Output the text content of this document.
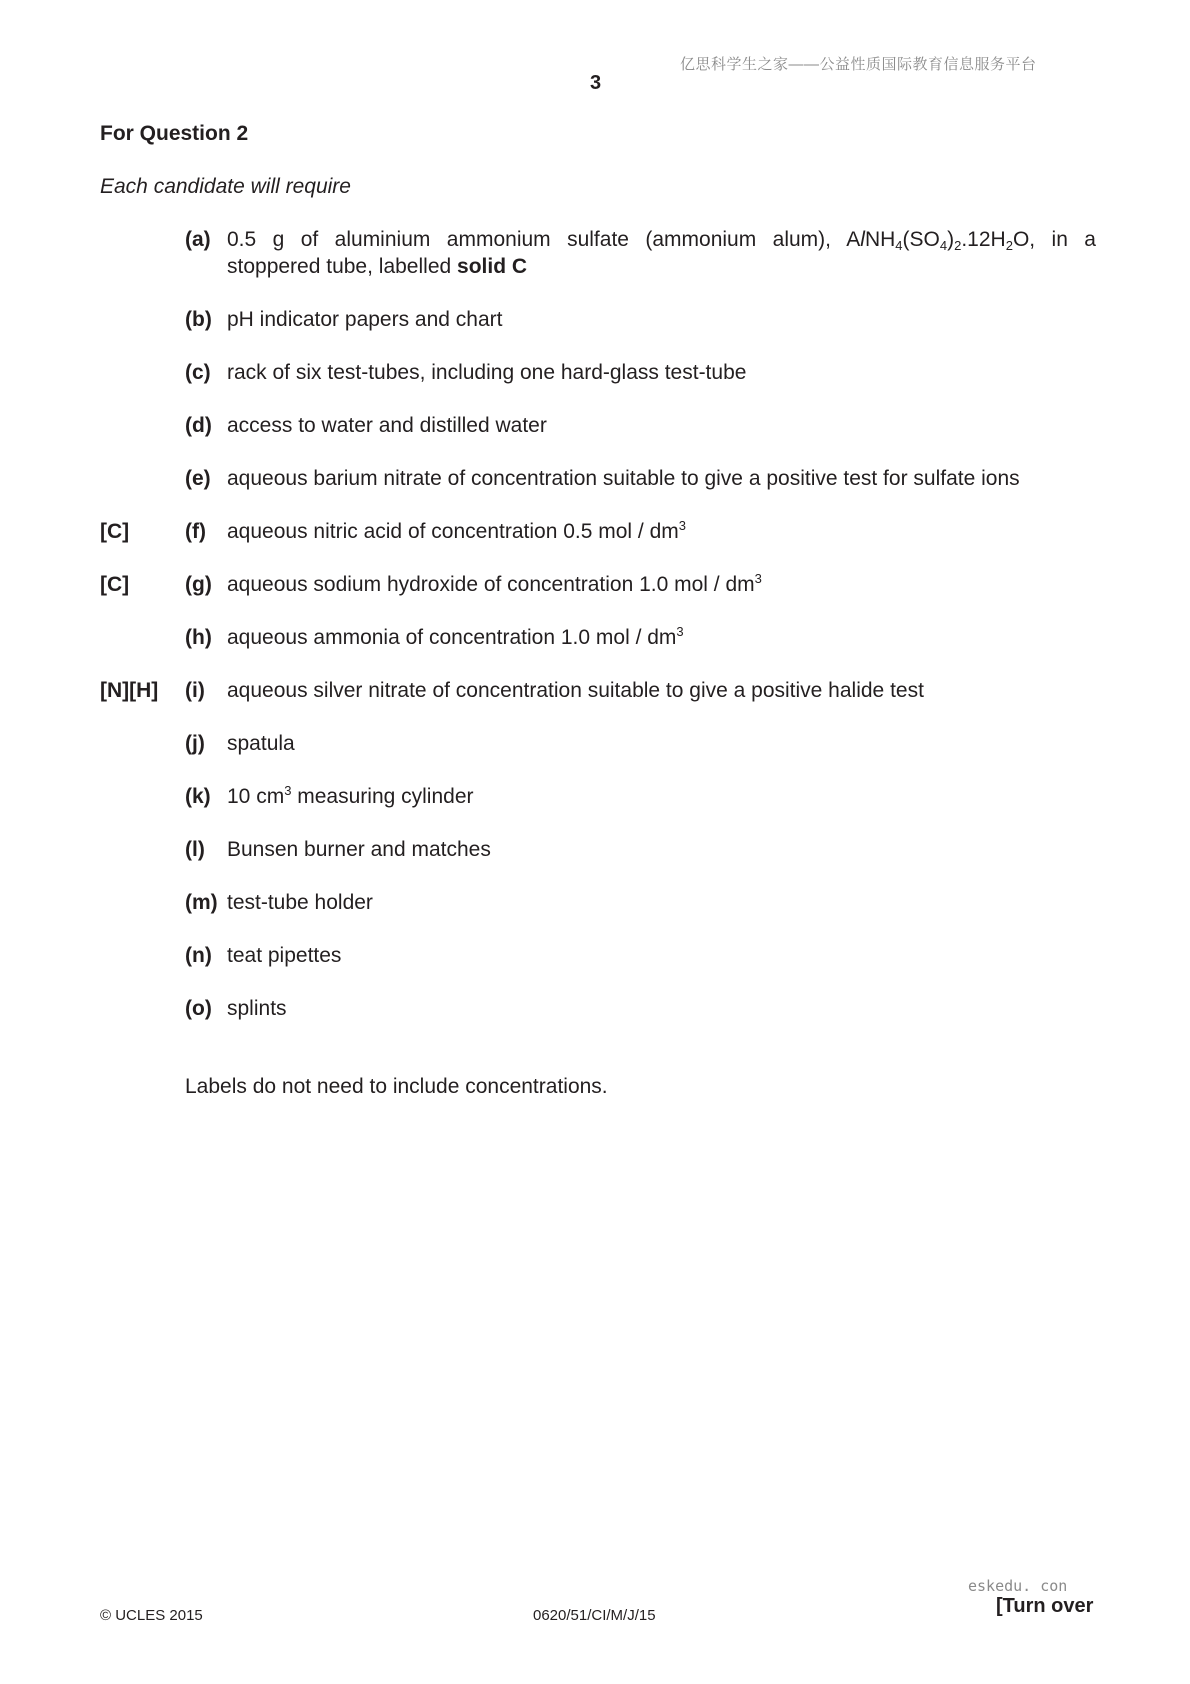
亿思科学生之家——公益性质国际教育信息服务平台
3
For Question 2
Each candidate will require
(a) 0.5 g of aluminium ammonium sulfate (ammonium alum), $AlNH_4(SO_4)_2.12H_2O$, in a
stoppered tube, labelled solid C
(b) pH indicator papers and chart
(c) rack of six test-tubes, including one hard-glass test-tube
(d) access to water and distilled water
(e) aqueous barium nitrate of concentration suitable to give a positive test for sulfate ions
[C]	(f) aqueous nitric acid of concentration 0.5 mol / $dm^3$
[C]	(g) aqueous sodium hydroxide of concentration 1.0 mol / $dm^3$
(h) aqueous ammonia of concentration 1.0 mol / $dm^3$
[N][H] (i) aqueous silver nitrate of concentration suitable to give a positive halide test
(j) spatula
(k) 10 $cm^3$ measuring cylinder
(l) Bunsen burner and matches
(m) test-tube holder
(n) teat pipettes
(o) splints
Labels do not need to include concentrations.
© UCLES 2015	0620/51/CI/M/J/15
eskedu. con
[Turn over
